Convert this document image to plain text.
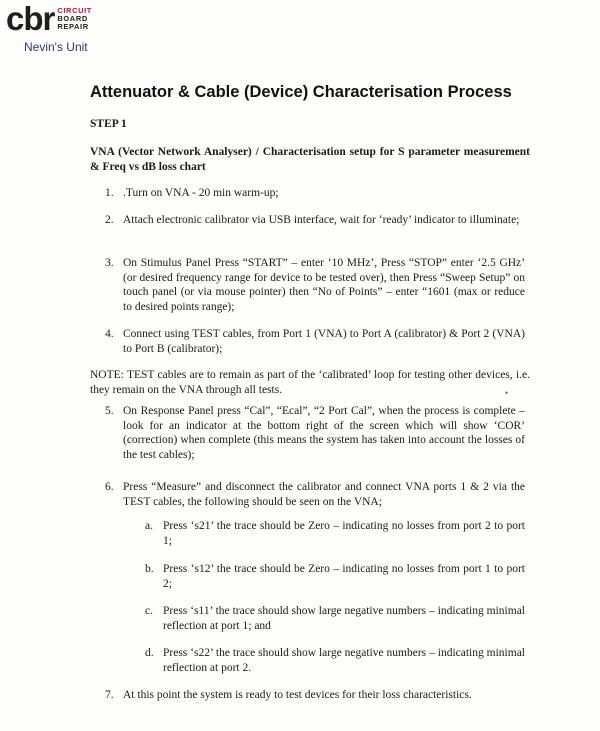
cbr CIRCUIT
BOARD
REPAIR
Nevin's Unit
Attenuator & Cable (Device) Characterisation Process
STEP 1
VNA (Vector Network Analyser) / Characterisation setup for S parameter measurement & Freq vs dB loss chart
1. .Turn on VNA - 20 min warm-up;
2. Attach electronic calibrator via USB interface, wait for ‘ready’ indicator to illuminate;
3. On Stimulus Panel Press “START” – enter ‘10 MHz’, Press “STOP” enter ‘2.5 GHz’ (or desired frequency range for device to be tested over), then Press “Sweep Setup” on touch panel (or via mouse pointer) then “No of Points” – enter “1601 (max or reduce to desired points range);
4. Connect using TEST cables, from Port 1 (VNA) to Port A (calibrator) & Port 2 (VNA) to Port B (calibrator);
NOTE: TEST cables are to remain as part of the ‘calibrated’ loop for testing other devices, i.e. they remain on the VNA through all tests.	•
5. On Response Panel press “Cal”, “Ecal”, “2 Port Cal”, when the process is complete – look for an indicator at the bottom right of the screen which will show ‘COR’ (correction) when complete (this means the system has taken into account the losses of the test cables);
6. Press “Measure” and disconnect the calibrator and connect VNA ports 1 & 2 via the TEST cables, the following should be seen on the VNA;
a. Press ‘s21’ the trace should be Zero – indicating no losses from port 2 to port 1;
b. Press ‘s12’ the trace should be Zero – indicating no losses from port 1 to port 2;
c. Press ‘s11’ the trace should show large negative numbers – indicating minimal reflection at port 1; and
d. Press ‘s22’ the trace should show large negative numbers – indicating minimal reflection at port 2.
7. At this point the system is ready to test devices for their loss characteristics.
